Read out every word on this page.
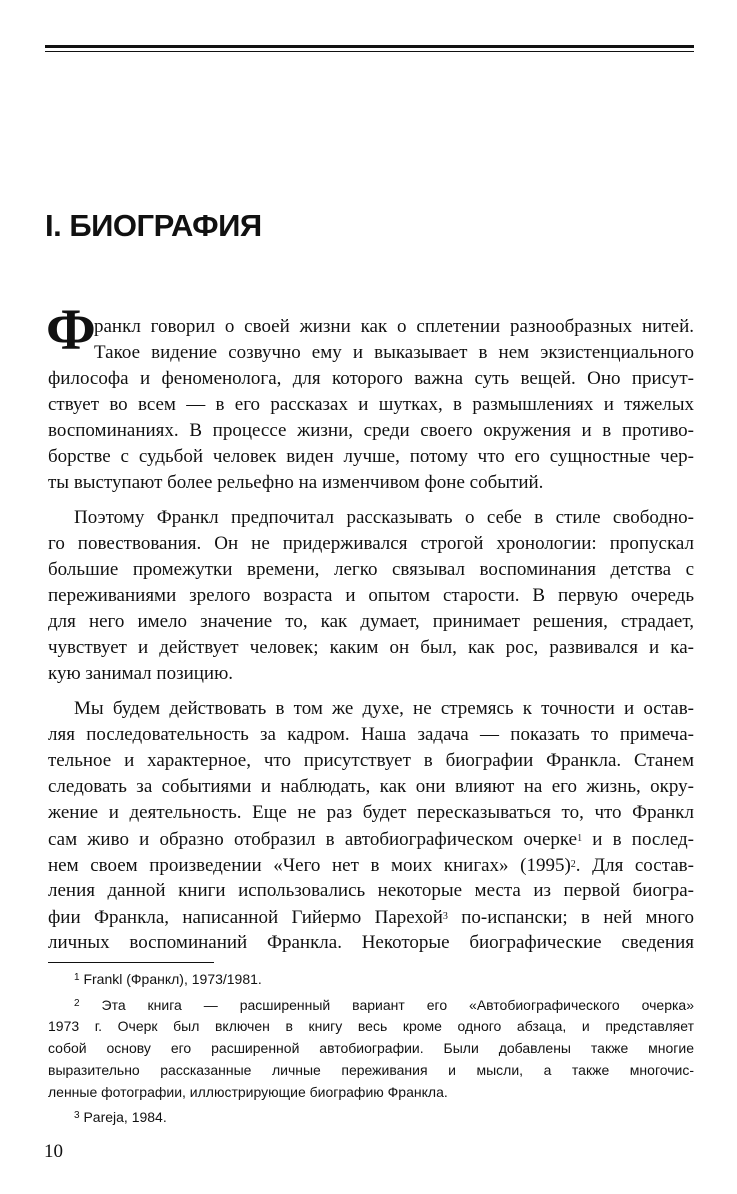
I. БИОГРАФИЯ
Ф
ранкл говорил о своей жизни как о сплетении разнообразных нитей.
Такое видение созвучно ему и выказывает в нем экзистенциального
философа и феноменолога, для которого важна суть вещей. Оно присут-
ствует во всем — в его рассказах и шутках, в размышлениях и тяжелых
воспоминаниях. В процессе жизни, среди своего окружения и в противо-
борстве с судьбой человек виден лучше, потому что его сущностные чер-
ты выступают более рельефно на изменчивом фоне событий.
Поэтому Франкл предпочитал рассказывать о себе в стиле свободно-
го повествования. Он не придерживался строгой хронологии: пропускал
большие промежутки времени, легко связывал воспоминания детства с
переживаниями зрелого возраста и опытом старости. В первую очередь
для него имело значение то, как думает, принимает решения, страдает,
чувствует и действует человек; каким он был, как рос, развивался и ка-
кую занимал позицию.
Мы будем действовать в том же духе, не стремясь к точности и остав-
ляя последовательность за кадром. Наша задача — показать то примеча-
тельное и характерное, что присутствует в биографии Франкла. Станем
следовать за событиями и наблюдать, как они влияют на его жизнь, окру-
жение и деятельность. Еще не раз будет пересказываться то, что Франкл
сам живо и образно отобразил в автобиографическом очерке$^1$ и в послед-
нем своем произведении «Чего нет в моих книгах» (1995)$^2$. Для состав-
ления данной книги использовались некоторые места из первой биогра-
фии Франкла, написанной Гийермо Парехой$^3$ по-испански; в ней много
личных воспоминаний Франкла. Некоторые биографические сведения
$^1$ Frankl (Франкл), 1973/1981.
$^2$ Эта книга — расширенный вариант его «Автобиографического очерка»
1973 г. Очерк был включен в книгу весь кроме одного абзаца, и представляет
собой основу его расширенной автобиографии. Были добавлены также многие
выразительно рассказанные личные переживания и мысли, а также многочис-
ленные фотографии, иллюстрирующие биографию Франкла.
$^3$ Pareja, 1984.
10
